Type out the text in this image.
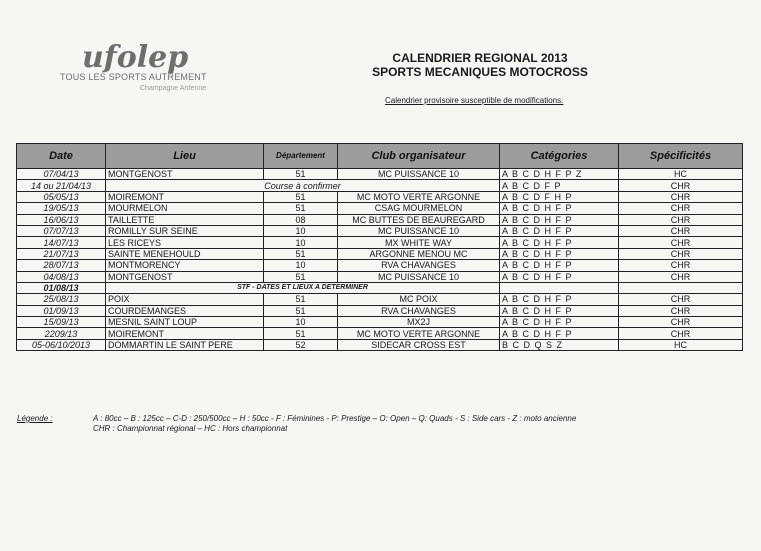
ufolep
TOUS LES SPORTS AUTREMENT
Champagne Ardenne
CALENDRIER REGIONAL 2013
SPORTS MECANIQUES MOTOCROSS
Calendrier provisoire susceptible de modifications.
Date	Lieu	Département	Club organisateur	Catégories	Spécificités
07/04/13	MONTGENOST	51	MC PUISSANCE 10	A B C D H F P Z	HC
14 ou 21/04/13	Course à confirmer			A B C D F P	CHR
05/05/13	MOIREMONT	51	MC MOTO VERTE ARGONNE	A B C D F H P	CHR
19/05/13	MOURMELON	51	CSAG MOURMELON	A B C D H F P	CHR
16/06/13	TAILLETTE	08	MC BUTTES DE BEAUREGARD	A B C D H F P	CHR
07/07/13	ROMILLY SUR SEINE	10	MC PUISSANCE 10	A B C D H F P	CHR
14/07/13	LES RICEYS	10	MX WHITE WAY	A B C D H F P	CHR
21/07/13	SAINTE MENEHOULD	51	ARGONNE MENOU MC	A B C D H F P	CHR
28/07/13	MONTMORENCY	10	RVA CHAVANGES	A B C D H F P	CHR
04/08/13	MONTGENOST	51	MC PUISSANCE 10	A B C D H F P	CHR
01/08/13	STF - DATES ET LIEUX A DETERMINER				
25/08/13	POIX	51	MC POIX	A B C D H F P	CHR
01/09/13	COURDEMANGES	51	RVA CHAVANGES	A B C D H F P	CHR
15/09/13	MESNIL SAINT LOUP	10	MX2J	A B C D H F P	CHR
2209/13	MOIREMONT	51	MC MOTO VERTE ARGONNE	A B C D H F P	CHR
05-06/10/2013	DOMMARTIN LE SAINT PERE	52	SIDECAR CROSS EST	B C D Q S Z	HC
Légende :	A : 80cc – B : 125cc – C-D : 250/500cc – H : 50cc - F : Féminines - P: Prestige – O: Open – Q: Quads - S : Side cars - Z : moto ancienne
CHR : Championnat régional – HC : Hors championnat
